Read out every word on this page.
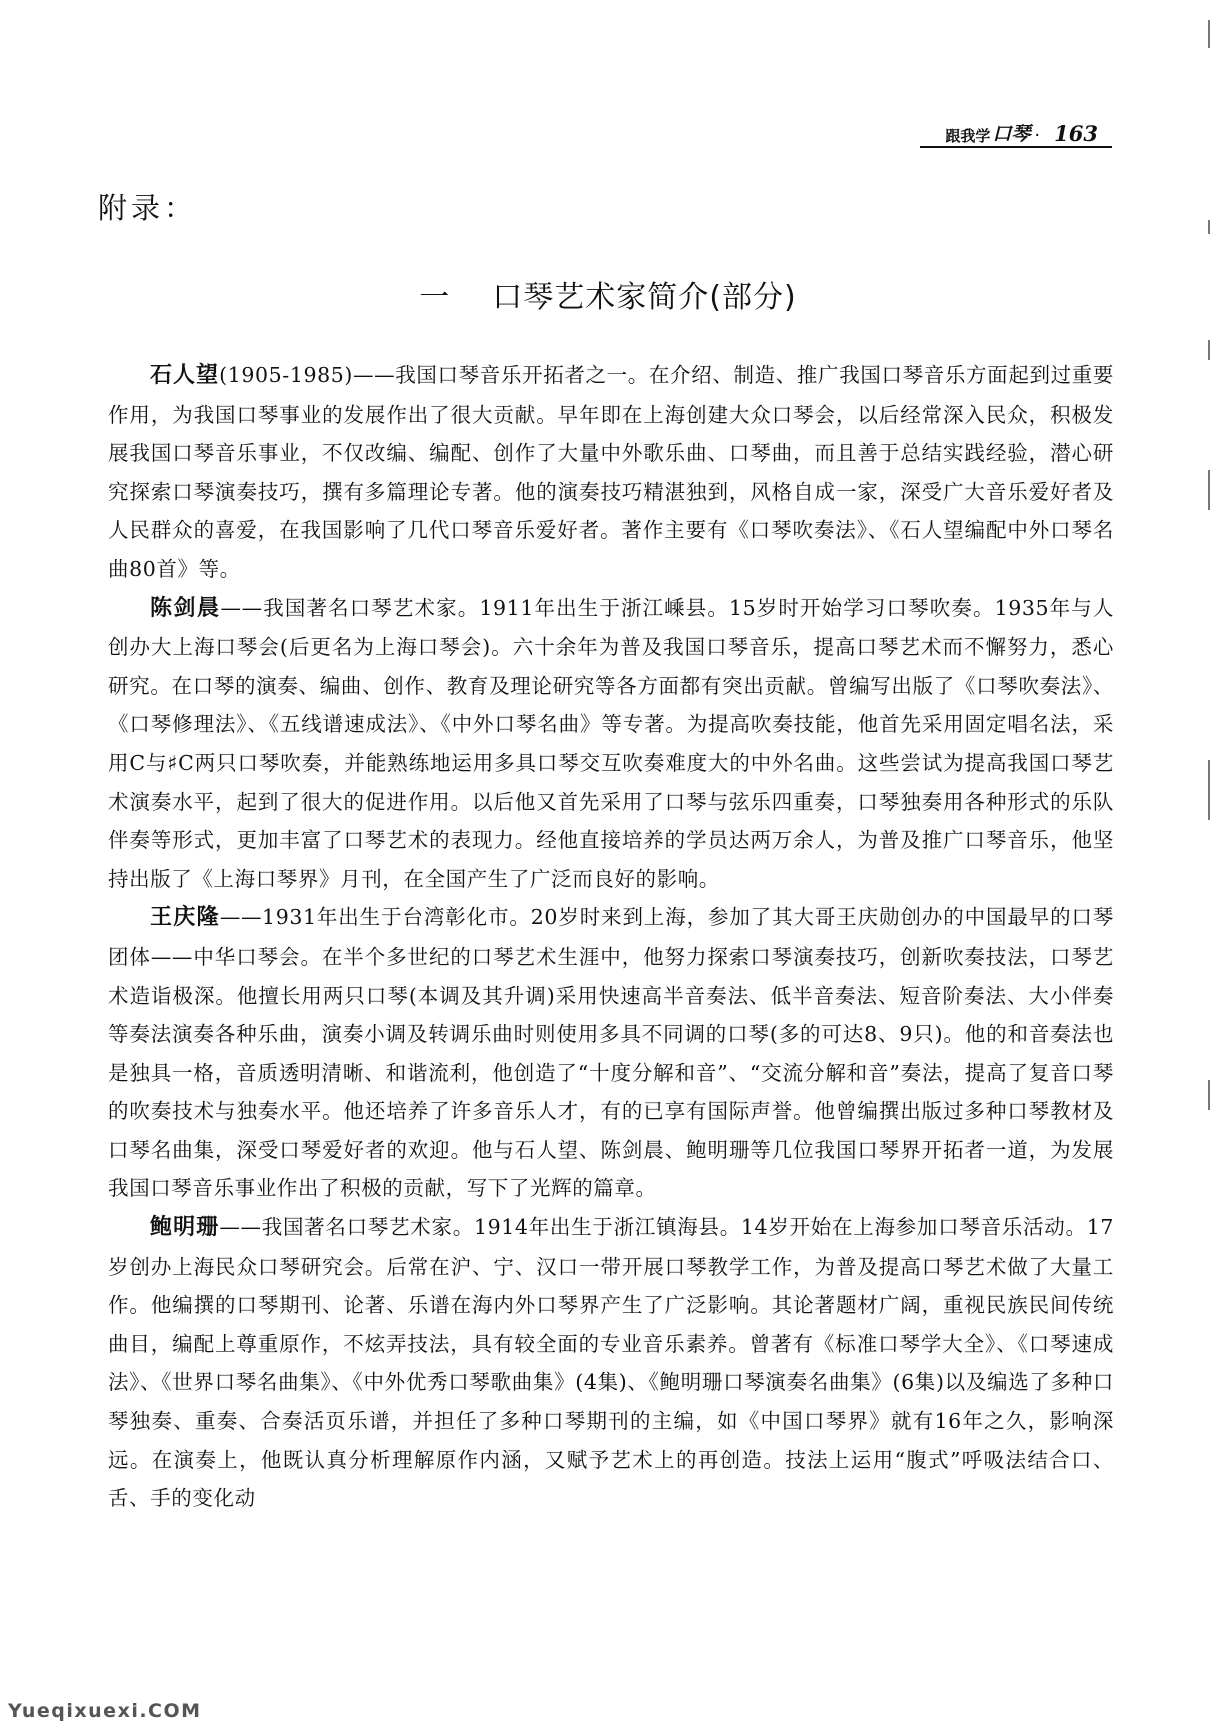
跟我学 口琴 · 163
附录：
一 口琴艺术家简介(部分)

石人望(1905-1985)——我国口琴音乐开拓者之一。在介绍、制造、推广我国口琴音乐方面起到过重要作用，为我国口琴事业的发展作出了很大贡献。早年即在上海创建大众口琴会，以后经常深入民众，积极发展我国口琴音乐事业，不仅改编、编配、创作了大量中外歌乐曲、口琴曲，而且善于总结实践经验，潜心研究探索口琴演奏技巧，撰有多篇理论专著。他的演奏技巧精湛独到，风格自成一家，深受广大音乐爱好者及人民群众的喜爱，在我国影响了几代口琴音乐爱好者。著作主要有《口琴吹奏法》、《石人望编配中外口琴名曲80首》等。

陈剑晨——我国著名口琴艺术家。1911年出生于浙江嵊县。15岁时开始学习口琴吹奏。1935年与人创办大上海口琴会(后更名为上海口琴会)。六十余年为普及我国口琴音乐，提高口琴艺术而不懈努力，悉心研究。在口琴的演奏、编曲、创作、教育及理论研究等各方面都有突出贡献。曾编写出版了《口琴吹奏法》、《口琴修理法》、《五线谱速成法》、《中外口琴名曲》等专著。为提高吹奏技能，他首先采用固定唱名法，采用C与♯C两只口琴吹奏，并能熟练地运用多具口琴交互吹奏难度大的中外名曲。这些尝试为提高我国口琴艺术演奏水平，起到了很大的促进作用。以后他又首先采用了口琴与弦乐四重奏，口琴独奏用各种形式的乐队伴奏等形式，更加丰富了口琴艺术的表现力。经他直接培养的学员达两万余人，为普及推广口琴音乐，他坚持出版了《上海口琴界》月刊，在全国产生了广泛而良好的影响。

王庆隆——1931年出生于台湾彰化市。20岁时来到上海，参加了其大哥王庆勋创办的中国最早的口琴团体——中华口琴会。在半个多世纪的口琴艺术生涯中，他努力探索口琴演奏技巧，创新吹奏技法，口琴艺术造诣极深。他擅长用两只口琴(本调及其升调)采用快速高半音奏法、低半音奏法、短音阶奏法、大小伴奏等奏法演奏各种乐曲，演奏小调及转调乐曲时则使用多具不同调的口琴(多的可达8、9只)。他的和音奏法也是独具一格，音质透明清晰、和谐流利，他创造了“十度分解和音”、“交流分解和音”奏法，提高了复音口琴的吹奏技术与独奏水平。他还培养了许多音乐人才，有的已享有国际声誉。他曾编撰出版过多种口琴教材及口琴名曲集，深受口琴爱好者的欢迎。他与石人望、陈剑晨、鲍明珊等几位我国口琴界开拓者一道，为发展我国口琴音乐事业作出了积极的贡献，写下了光辉的篇章。

鲍明珊——我国著名口琴艺术家。1914年出生于浙江镇海县。14岁开始在上海参加口琴音乐活动。17岁创办上海民众口琴研究会。后常在沪、宁、汉口一带开展口琴教学工作，为普及提高口琴艺术做了大量工作。他编撰的口琴期刊、论著、乐谱在海内外口琴界产生了广泛影响。其论著题材广阔，重视民族民间传统曲目，编配上尊重原作，不炫弄技法，具有较全面的专业音乐素养。曾著有《标准口琴学大全》、《口琴速成法》、《世界口琴名曲集》、《中外优秀口琴歌曲集》(4集)、《鲍明珊口琴演奏名曲集》(6集)以及编选了多种口琴独奏、重奏、合奏活页乐谱，并担任了多种口琴期刊的主编，如《中国口琴界》就有16年之久，影响深远。在演奏上，他既认真分析理解原作内涵，又赋予艺术上的再创造。技法上运用“腹式”呼吸法结合口、舌、手的变化动

Yueqixuexi.COM
